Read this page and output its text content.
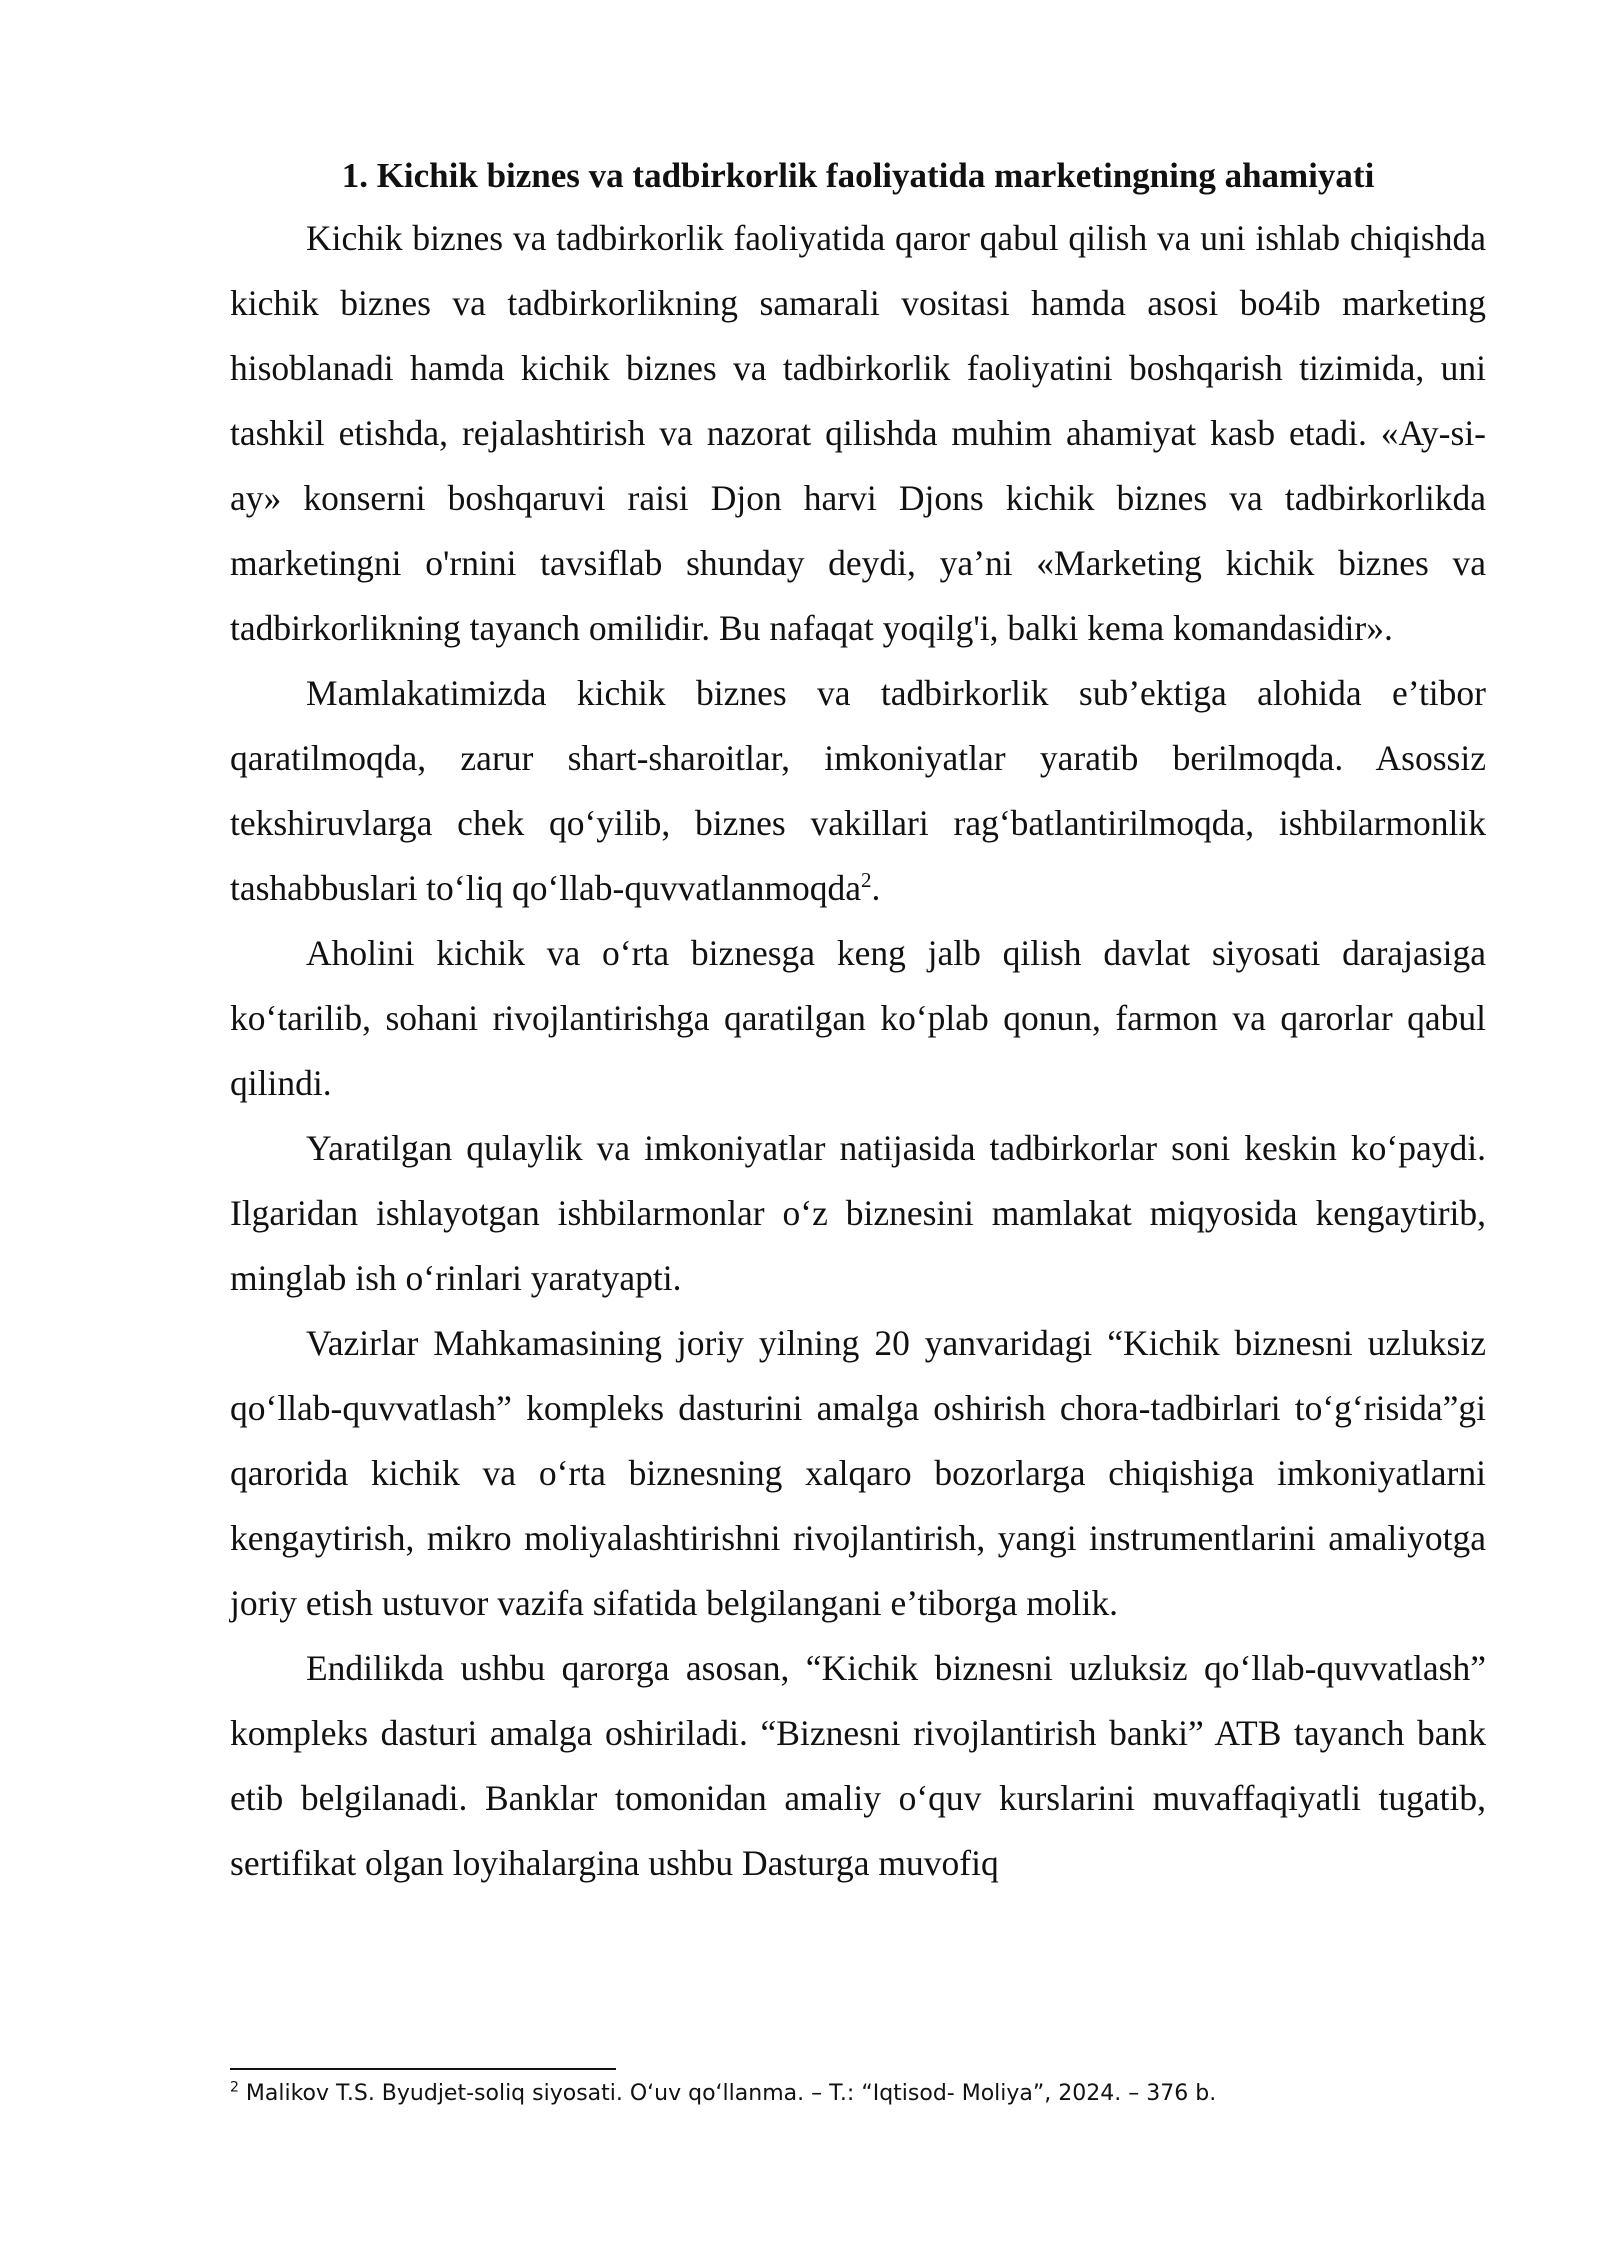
1. Kichik biznes va tadbirkorlik faoliyatida marketingning ahamiyati

Kichik biznes va tadbirkorlik faoliyatida qaror qabul qilish va uni ishlab chiqishda kichik biznes va tadbirkorlikning samarali vositasi hamda asosi bo4ib marketing hisoblanadi hamda kichik biznes va tadbirkorlik faoliyatini boshqarish tizimida, uni tashkil etishda, rejalashtirish va nazorat qilishda muhim ahamiyat kasb etadi. «Ay-si-ay» konserni boshqaruvi raisi Djon harvi Djons kichik biznes va tadbirkorlikda marketingni o'rnini tavsiflab shunday deydi, ya’ni «Marketing kichik biznes va tadbirkorlikning tayanch omilidir. Bu nafaqat yoqilg'i, balki kema komandasidir».

Mamlakatimizda kichik biznes va tadbirkorlik sub’ektiga alohida e’tibor qaratilmoqda, zarur shart-sharoitlar, imkoniyatlar yaratib berilmoqda. Asossiz tekshiruvlarga chek qo‘yilib, biznes vakillari rag‘batlantirilmoqda, ishbilarmonlik tashabbuslari to‘liq qo‘llab-quvvatlanmoqda$^2$.

Aholini kichik va o‘rta biznesga keng jalb qilish davlat siyosati darajasiga ko‘tarilib, sohani rivojlantirishga qaratilgan ko‘plab qonun, farmon va qarorlar qabul qilindi.

Yaratilgan qulaylik va imkoniyatlar natijasida tadbirkorlar soni keskin ko‘paydi. Ilgaridan ishlayotgan ishbilarmonlar o‘z biznesini mamlakat miqyosida kengaytirib, minglab ish o‘rinlari yaratyapti.

Vazirlar Mahkamasining joriy yilning 20 yanvaridagi “Kichik biznesni uzluksiz qo‘llab-quvvatlash” kompleks dasturini amalga oshirish chora-tadbirlari to‘g‘risida”gi qarorida kichik va o‘rta biznesning xalqaro bozorlarga chiqishiga imkoniyatlarni kengaytirish, mikro moliyalashtirishni rivojlantirish, yangi instrumentlarini amaliyotga joriy etish ustuvor vazifa sifatida belgilangani e’tiborga molik.

Endilikda ushbu qarorga asosan, “Kichik biznesni uzluksiz qo‘llab-quvvatlash” kompleks dasturi amalga oshiriladi. “Biznesni rivojlantirish banki” ATB tayanch bank etib belgilanadi. Banklar tomonidan amaliy o‘quv kurslarini muvaffaqiyatli tugatib, sertifikat olgan loyihalargina ushbu Dasturga muvofiq

$^2$ Malikov T.S. Byudjet-soliq siyosati. O‘uv qo‘llanma. – T.: “Iqtisod- Moliya”, 2024. – 376 b.
